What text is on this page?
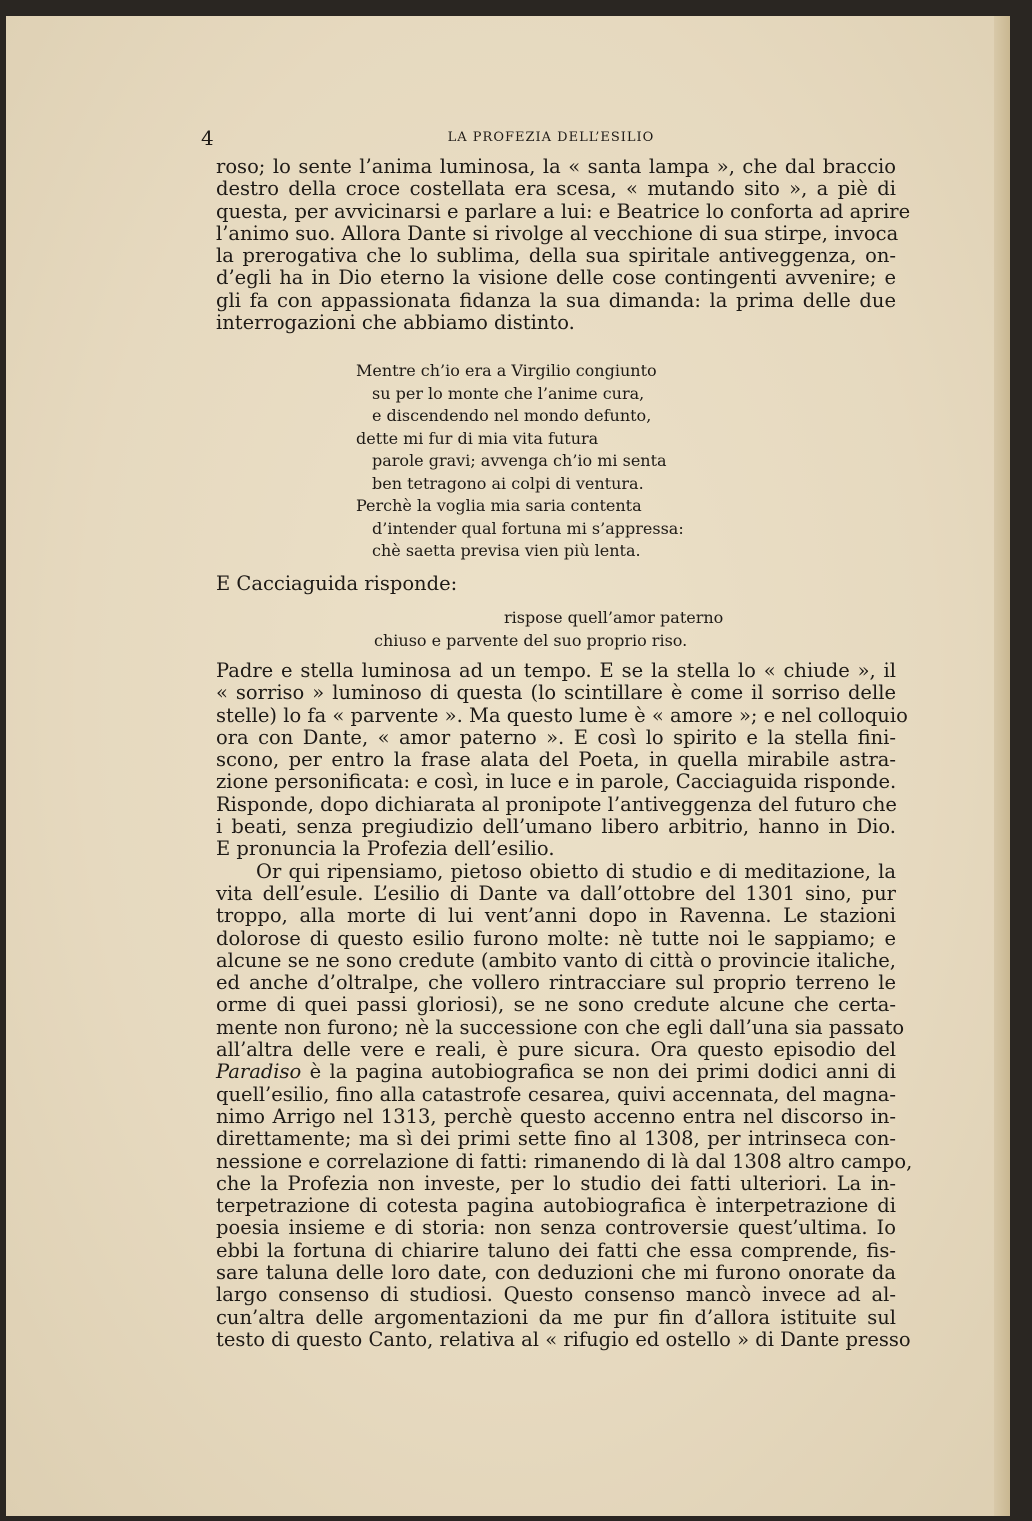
4	LA PROFEZIA DELL’ESILIO
roso; lo sente l’anima luminosa, la « santa lampa », che dal braccio
destro della croce costellata era scesa, « mutando sito », a piè di
questa, per avvicinarsi e parlare a lui: e Beatrice lo conforta ad aprire
l’animo suo. Allora Dante si rivolge al vecchione di sua stirpe, invoca
la prerogativa che lo sublima, della sua spiritale antiveggenza, on-
d’egli ha in Dio eterno la visione delle cose contingenti avvenire; e
gli fa con appassionata fidanza la sua dimanda: la prima delle due
interrogazioni che abbiamo distinto.
Mentre ch’io era a Virgilio congiunto
su per lo monte che l’anime cura,
e discendendo nel mondo defunto,
dette mi fur di mia vita futura
parole gravi; avvenga ch’io mi senta
ben tetragono ai colpi di ventura.
Perchè la voglia mia saria contenta
d’intender qual fortuna mi s’appressa:
chè saetta previsa vien più lenta.
E Cacciaguida risponde:
rispose quell’amor paterno
chiuso e parvente del suo proprio riso.
Padre e stella luminosa ad un tempo. E se la stella lo « chiude », il
« sorriso » luminoso di questa (lo scintillare è come il sorriso delle
stelle) lo fa « parvente ». Ma questo lume è « amore »; e nel colloquio
ora con Dante, « amor paterno ». E così lo spirito e la stella fini-
scono, per entro la frase alata del Poeta, in quella mirabile astra-
zione personificata: e così, in luce e in parole, Cacciaguida risponde.
Risponde, dopo dichiarata al pronipote l’antiveggenza del futuro che
i beati, senza pregiudizio dell’umano libero arbitrio, hanno in Dio.
E pronuncia la Profezia dell’esilio.
Or qui ripensiamo, pietoso obietto di studio e di meditazione, la
vita dell’esule. L’esilio di Dante va dall’ottobre del 1301 sino, pur
troppo, alla morte di lui vent’anni dopo in Ravenna. Le stazioni
dolorose di questo esilio furono molte: nè tutte noi le sappiamo; e
alcune se ne sono credute (ambito vanto di città o provincie italiche,
ed anche d’oltralpe, che vollero rintracciare sul proprio terreno le
orme di quei passi gloriosi), se ne sono credute alcune che certa-
mente non furono; nè la successione con che egli dall’una sia passato
all’altra delle vere e reali, è pure sicura. Ora questo episodio del
Paradiso è la pagina autobiografica se non dei primi dodici anni di
quell’esilio, fino alla catastrofe cesarea, quivi accennata, del magna-
nimo Arrigo nel 1313, perchè questo accenno entra nel discorso in-
direttamente; ma sì dei primi sette fino al 1308, per intrinseca con-
nessione e correlazione di fatti: rimanendo di là dal 1308 altro campo,
che la Profezia non investe, per lo studio dei fatti ulteriori. La in-
terpetrazione di cotesta pagina autobiografica è interpetrazione di
poesia insieme e di storia: non senza controversie quest’ultima. Io
ebbi la fortuna di chiarire taluno dei fatti che essa comprende, fis-
sare taluna delle loro date, con deduzioni che mi furono onorate da
largo consenso di studiosi. Questo consenso mancò invece ad al-
cun’altra delle argomentazioni da me pur fin d’allora istituite sul
testo di questo Canto, relativa al « rifugio ed ostello » di Dante presso
